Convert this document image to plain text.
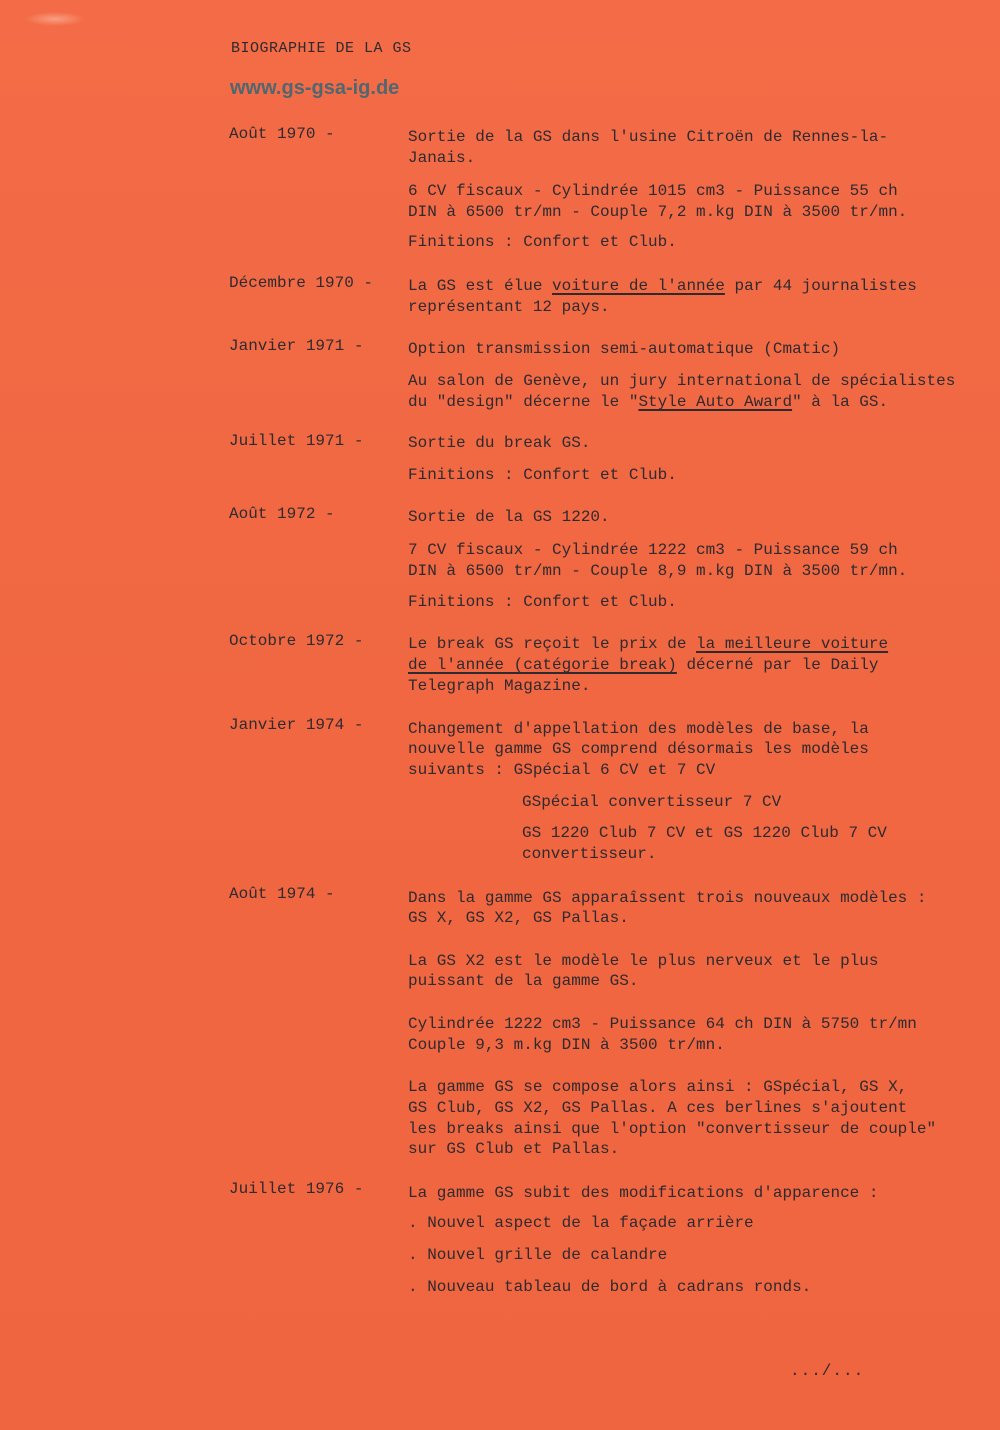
BIOGRAPHIE DE LA GS
www.gs-gsa-ig.de
Août 1970 -	Sortie de la GS dans l'usine Citroën de Rennes-la-
Janais.
6 CV fiscaux - Cylindrée 1015 cm3 - Puissance 55 ch
DIN à 6500 tr/mn - Couple 7,2 m.kg DIN à 3500 tr/mn.
Finitions : Confort et Club.
Décembre 1970 - La GS est élue voiture de l'année par 44 journalistes
représentant 12 pays.
Janvier 1971 -	Option transmission semi-automatique (Cmatic)
Au salon de Genève, un jury international de spécialistes
du "design" décerne le "Style Auto Award" à la GS.
Juillet 1971 -	Sortie du break GS.
Finitions : Confort et Club.
Août 1972 -	Sortie de la GS 1220.
7 CV fiscaux - Cylindrée 1222 cm3 - Puissance 59 ch
DIN à 6500 tr/mn - Couple 8,9 m.kg DIN à 3500 tr/mn.
Finitions : Confort et Club.
Octobre 1972 -	Le break GS reçoit le prix de la meilleure voiture
de l'année (catégorie break) décerné par le Daily
Telegraph Magazine.
Janvier 1974 -	Changement d'appellation des modèles de base, la
nouvelle gamme GS comprend désormais les modèles
suivants : GSpécial 6 CV et 7 CV
GSpécial convertisseur 7 CV
GS 1220 Club 7 CV et GS 1220 Club 7 CV
convertisseur.
Août 1974 -	Dans la gamme GS apparaîssent trois nouveaux modèles :
GS X, GS X2, GS Pallas.
La GS X2 est le modèle le plus nerveux et le plus
puissant de la gamme GS.
Cylindrée 1222 cm3 - Puissance 64 ch DIN à 5750 tr/mn
Couple 9,3 m.kg DIN à 3500 tr/mn.
La gamme GS se compose alors ainsi : GSpécial, GS X,
GS Club, GS X2, GS Pallas. A ces berlines s'ajoutent
les breaks ainsi que l'option "convertisseur de couple"
sur GS Club et Pallas.
Juillet 1976 -	La gamme GS subit des modifications d'apparence :
. Nouvel aspect de la façade arrière
. Nouvel grille de calandre
. Nouveau tableau de bord à cadrans ronds.
.../...
